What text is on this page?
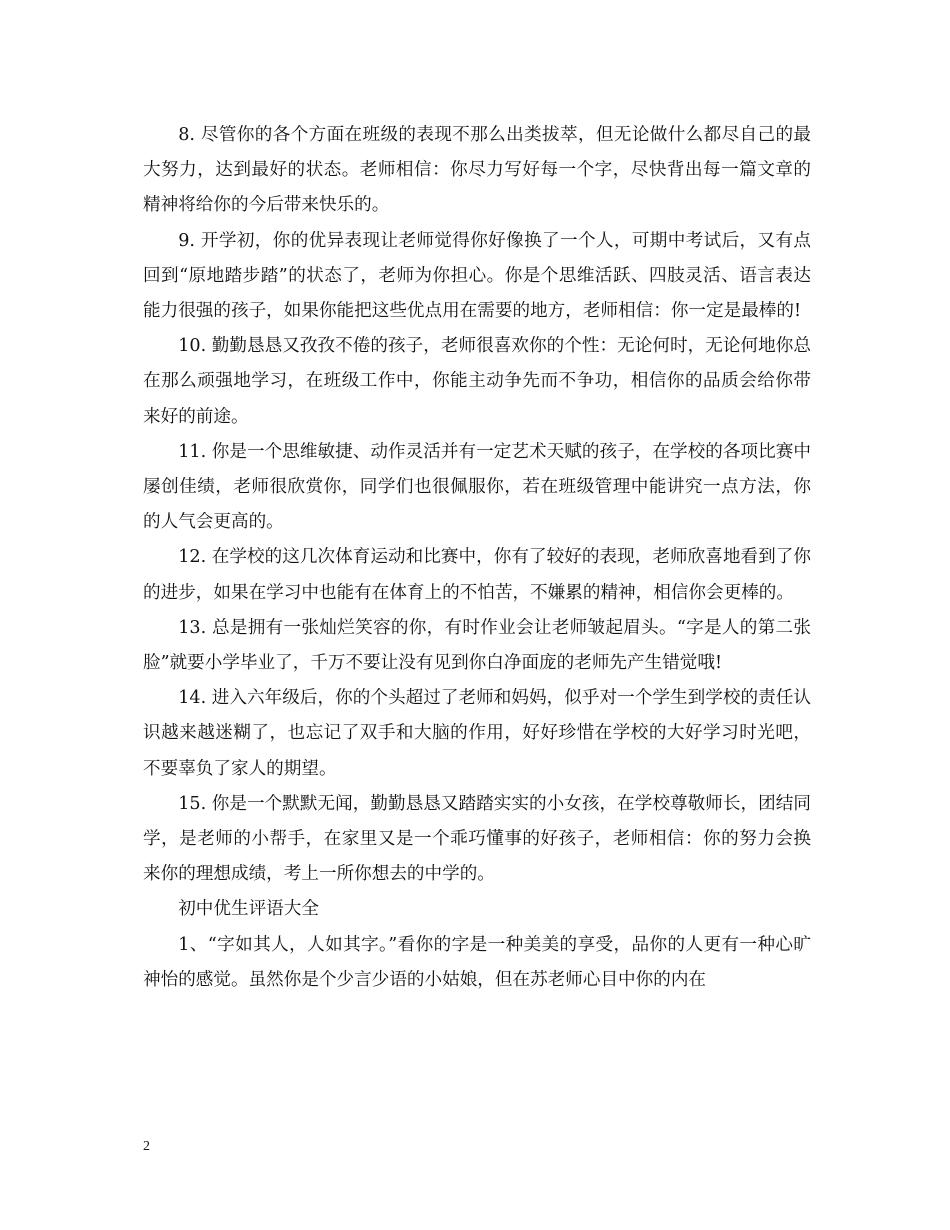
8. 尽管你的各个方面在班级的表现不那么出类拔萃，但无论做什么都尽自己的最大努力，达到最好的状态。老师相信：你尽力写好每一个字，尽快背出每一篇文章的精神将给你的今后带来快乐的。

9. 开学初，你的优异表现让老师觉得你好像换了一个人，可期中考试后，又有点回到“原地踏步踏”的状态了，老师为你担心。你是个思维活跃、四肢灵活、语言表达能力很强的孩子，如果你能把这些优点用在需要的地方，老师相信：你一定是最棒的!

10. 勤勤恳恳又孜孜不倦的孩子，老师很喜欢你的个性：无论何时，无论何地你总在那么顽强地学习，在班级工作中，你能主动争先而不争功，相信你的品质会给你带来好的前途。

11. 你是一个思维敏捷、动作灵活并有一定艺术天赋的孩子，在学校的各项比赛中屡创佳绩，老师很欣赏你，同学们也很佩服你，若在班级管理中能讲究一点方法，你的人气会更高的。

12. 在学校的这几次体育运动和比赛中，你有了较好的表现，老师欣喜地看到了你的进步，如果在学习中也能有在体育上的不怕苦，不嫌累的精神，相信你会更棒的。

13. 总是拥有一张灿烂笑容的你，有时作业会让老师皱起眉头。“字是人的第二张脸”就要小学毕业了，千万不要让没有见到你白净面庞的老师先产生错觉哦!

14. 进入六年级后，你的个头超过了老师和妈妈，似乎对一个学生到学校的责任认识越来越迷糊了，也忘记了双手和大脑的作用，好好珍惜在学校的大好学习时光吧，不要辜负了家人的期望。

15. 你是一个默默无闻，勤勤恳恳又踏踏实实的小女孩，在学校尊敬师长，团结同学，是老师的小帮手，在家里又是一个乖巧懂事的好孩子，老师相信：你的努力会换来你的理想成绩，考上一所你想去的中学的。

初中优生评语大全

1、“字如其人，人如其字。”看你的字是一种美美的享受，品你的人更有一种心旷神怡的感觉。虽然你是个少言少语的小姑娘，但在苏老师心目中你的内在

2
